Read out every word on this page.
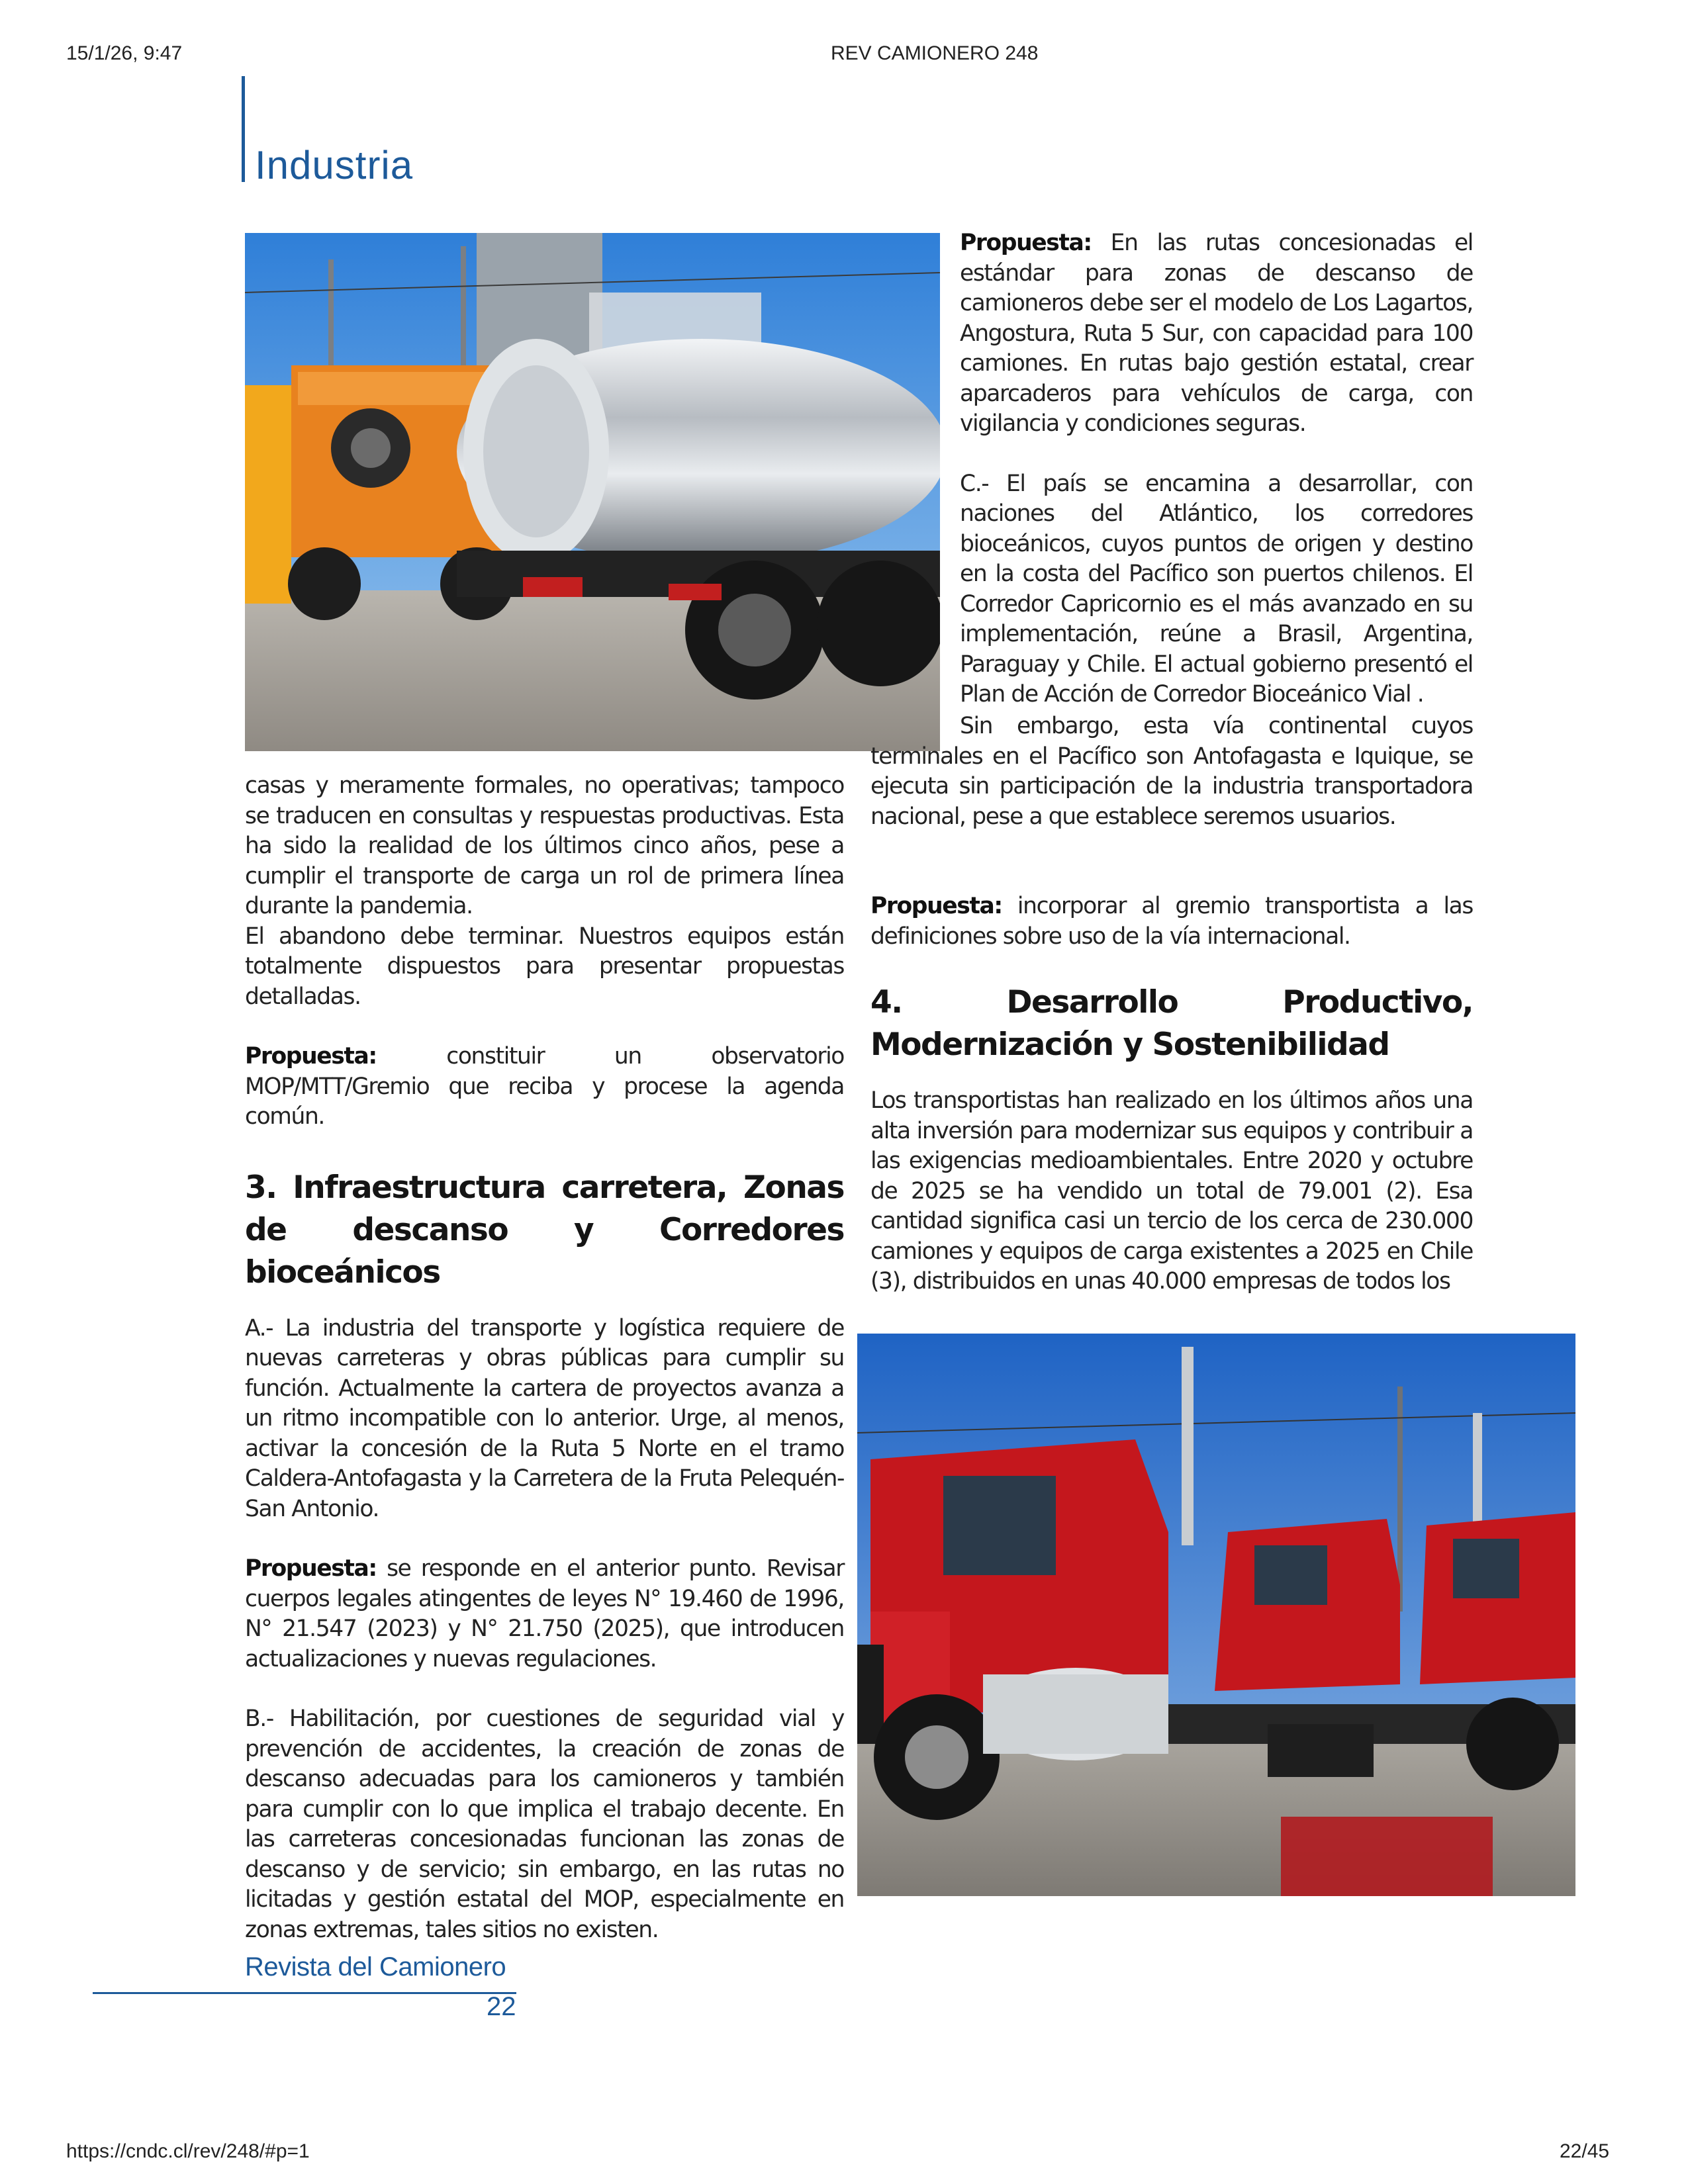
15/1/26, 9:47	REV CAMIONERO 248
https://cndc.cl/rev/248/#p=1	22/45
Industria

casas y meramente formales, no operativas; tampoco se traducen en consultas y respuestas productivas. Esta ha sido la realidad de los últimos cinco años, pese a cumplir el transporte de carga un rol de primera línea durante la pandemia.

El abandono debe terminar. Nuestros equipos están totalmente dispuestos para presentar propuestas detalladas.

Propuesta: constituir un observatorio MOP/MTT/Gremio que reciba y procese la agenda común.

3. Infraestructura carretera, Zonas de descanso y Corredores bioceánicos

A.- La industria del transporte y logística requiere de nuevas carreteras y obras públicas para cumplir su función. Actualmente la cartera de proyectos avanza a un ritmo incompatible con lo anterior. Urge, al menos, activar la concesión de la Ruta 5 Norte en el tramo Caldera-Antofagasta y la Carretera de la Fruta Pelequén-San Antonio.

Propuesta: se responde en el anterior punto. Revisar cuerpos legales atingentes de leyes N° 19.460 de 1996, N° 21.547 (2023) y N° 21.750 (2025), que introducen actualizaciones y nuevas regulaciones.

B.- Habilitación, por cuestiones de seguridad vial y prevención de accidentes, la creación de zonas de descanso adecuadas para los camioneros y también para cumplir con lo que implica el trabajo decente. En las carreteras concesionadas funcionan las zonas de descanso y de servicio; sin embargo, en las rutas no licitadas y gestión estatal del MOP, especialmente en zonas extremas, tales sitios no existen.

Propuesta: En las rutas concesionadas el estándar para zonas de descanso de camioneros debe ser el modelo de Los Lagartos, Angostura, Ruta 5 Sur, con capacidad para 100 camiones. En rutas bajo gestión estatal, crear aparcaderos para vehículos de carga, con vigilancia y condiciones seguras.

C.- El país se encamina a desarrollar, con naciones del Atlántico, los corredores bioceánicos, cuyos puntos de origen y destino en la costa del Pacífico son puertos chilenos. El Corredor Capricornio es el más avanzado en su implementación, reúne a Brasil, Argentina, Paraguay y Chile. El actual gobierno presentó el Plan de Acción de Corredor Bioceánico Vial .

Sin embargo, esta vía continental cuyos terminales en el Pacífico son Antofagasta e Iquique, se ejecuta sin participación de la industria transportadora nacional, pese a que establece seremos usuarios.

Propuesta: incorporar al gremio transportista a las definiciones sobre uso de la vía internacional.

4. Desarrollo Productivo, Modernización y Sostenibilidad

Los transportistas han realizado en los últimos años una alta inversión para modernizar sus equipos y contribuir a las exigencias medioambientales. Entre 2020 y octubre de 2025 se ha vendido un total de 79.001 (2). Esa cantidad significa casi un tercio de los cerca de 230.000 camiones y equipos de carga existentes a 2025 en Chile (3), distribuidos en unas 40.000 empresas de todos los

Revista del Camionero
22
